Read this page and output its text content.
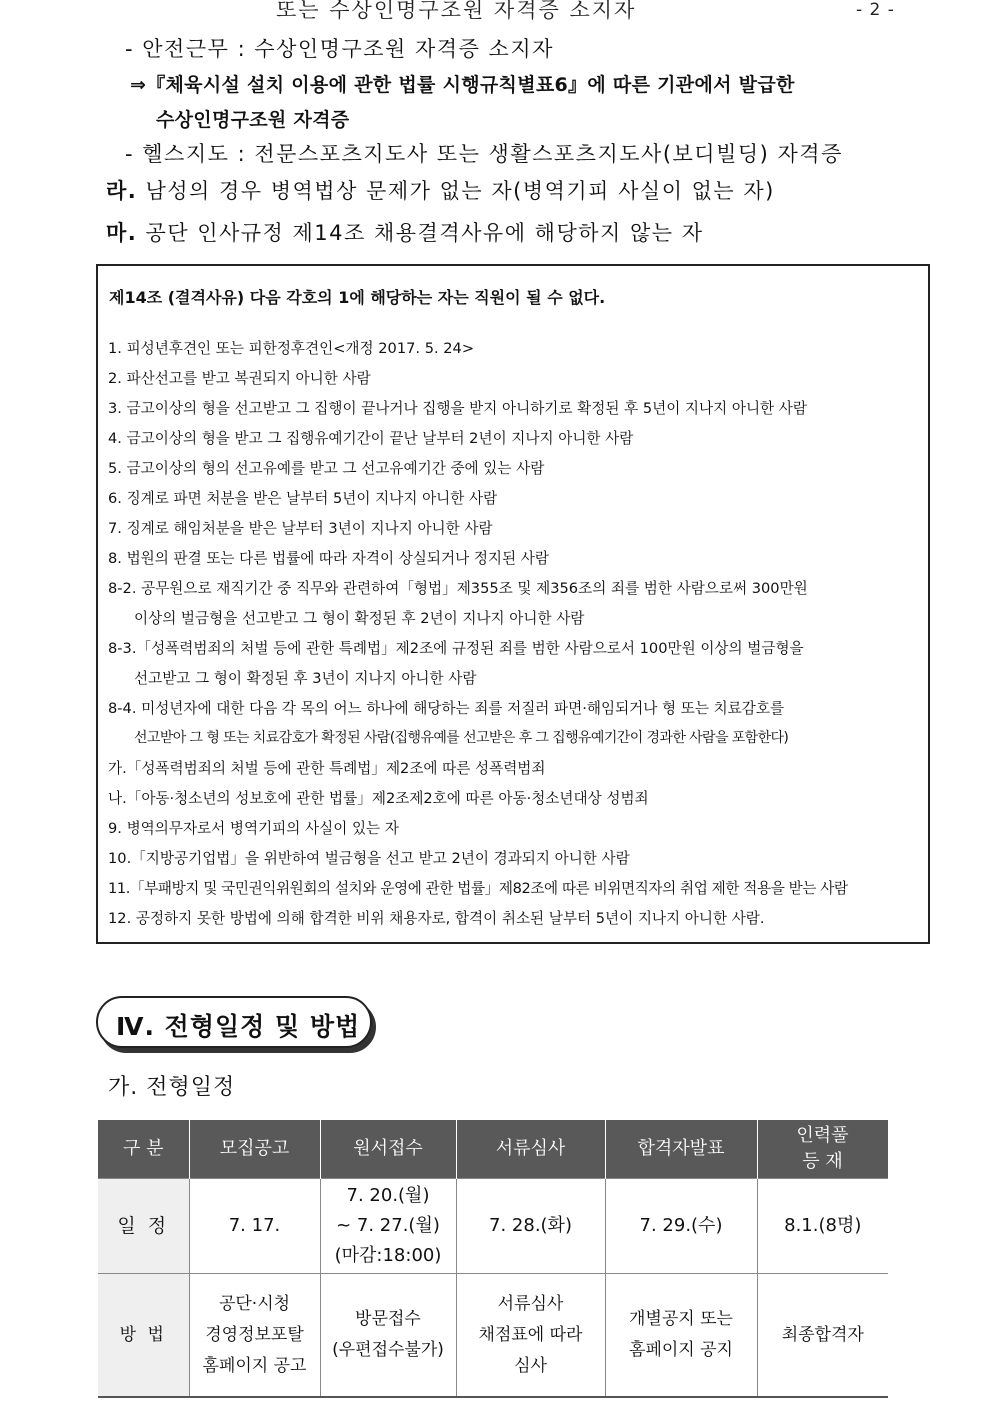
- 2 -
또는 수상인명구조원 자격증 소지자
- 안전근무 : 수상인명구조원 자격증 소지자
⇒『체육시설 설치 이용에 관한 법률 시행규칙별표6』에 따른 기관에서 발급한
수상인명구조원 자격증
- 헬스지도 : 전문스포츠지도사 또는 생활스포츠지도사(보디빌딩) 자격증
라. 남성의 경우 병역법상 문제가 없는 자(병역기피 사실이 없는 자)
마. 공단 인사규정 제14조 채용결격사유에 해당하지 않는 자
제14조 (결격사유) 다음 각호의 1에 해당하는 자는 직원이 될 수 없다.
1. 피성년후견인 또는 피한정후견인<개정 2017. 5. 24>
2. 파산선고를 받고 복권되지 아니한 사람
3. 금고이상의 형을 선고받고 그 집행이 끝나거나 집행을 받지 아니하기로 확정된 후 5년이 지나지 아니한 사람
4. 금고이상의 형을 받고 그 집행유예기간이 끝난 날부터 2년이 지나지 아니한 사람
5. 금고이상의 형의 선고유예를 받고 그 선고유예기간 중에 있는 사람
6. 징계로 파면 처분을 받은 날부터 5년이 지나지 아니한 사람
7. 징계로 해임처분을 받은 날부터 3년이 지나지 아니한 사람
8. 법원의 판결 또는 다른 법률에 따라 자격이 상실되거나 정지된 사람
8-2. 공무원으로 재직기간 중 직무와 관련하여「형법」제355조 및 제356조의 죄를 범한 사람으로써 300만원
이상의 벌금형을 선고받고 그 형이 확정된 후 2년이 지나지 아니한 사람
8-3.「성폭력범죄의 처벌 등에 관한 특례법」제2조에 규정된 죄를 범한 사람으로서 100만원 이상의 벌금형을
선고받고 그 형이 확정된 후 3년이 지나지 아니한 사람
8-4. 미성년자에 대한 다음 각 목의 어느 하나에 해당하는 죄를 저질러 파면·해임되거나 형 또는 치료감호를
선고받아 그 형 또는 치료감호가 확정된 사람(집행유예를 선고받은 후 그 집행유예기간이 경과한 사람을 포함한다)
가.「성폭력범죄의 처벌 등에 관한 특례법」제2조에 따른 성폭력범죄
나.「아동·청소년의 성보호에 관한 법률」제2조제2호에 따른 아동·청소년대상 성범죄
9. 병역의무자로서 병역기피의 사실이 있는 자
10.「지방공기업법」을 위반하여 벌금형을 선고 받고 2년이 경과되지 아니한 사람
11.「부패방지 및 국민권익위원회의 설치와 운영에 관한 법률」제82조에 따른 비위면직자의 취업 제한 적용을 받는 사람
12. 공정하지 못한 방법에 의해 합격한 비위 채용자로, 합격이 취소된 날부터 5년이 지나지 아니한 사람.
Ⅳ. 전형일정 및 방법
가. 전형일정
구 분	모집공고	원서접수	서류심사	합격자발표	인력풀
등 재
일 정	7. 17.	7. 20.(월)
~ 7. 27.(월)
(마감:18:00)	7. 28.(화)	7. 29.(수)	8.1.(8명)
방 법	공단·시청
경영정보포탈
홈페이지 공고	방문접수
(우편접수불가)	서류심사
채점표에 따라
심사	개별공지 또는
홈페이지 공지	최종합격자
